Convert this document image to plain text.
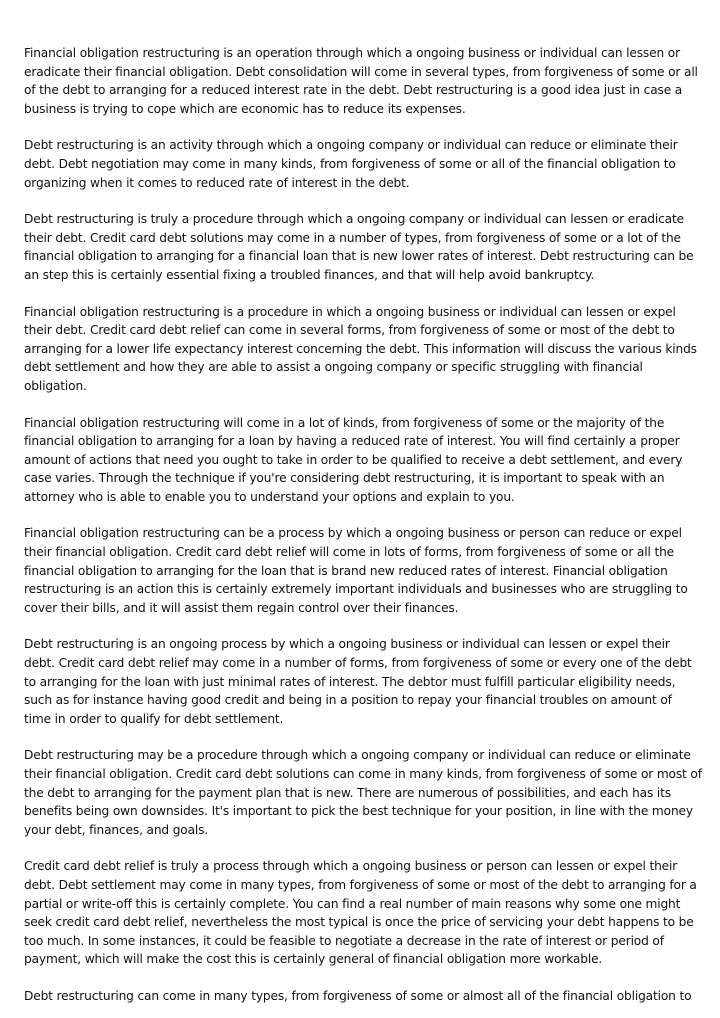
Financial obligation restructuring is an operation through which a ongoing business or individual can lessen or eradicate their financial obligation. Debt consolidation will come in several types, from forgiveness of some or all of the debt to arranging for a reduced interest rate in the debt. Debt restructuring is a good idea just in case a business is trying to cope which are economic has to reduce its expenses.

Debt restructuring is an activity through which a ongoing company or individual can reduce or eliminate their debt. Debt negotiation may come in many kinds, from forgiveness of some or all of the financial obligation to organizing when it comes to reduced rate of interest in the debt.

Debt restructuring is truly a procedure through which a ongoing company or individual can lessen or eradicate their debt. Credit card debt solutions may come in a number of types, from forgiveness of some or a lot of the financial obligation to arranging for a financial loan that is new lower rates of interest. Debt restructuring can be an step this is certainly essential fixing a troubled finances, and that will help avoid bankruptcy.

Financial obligation restructuring is a procedure in which a ongoing business or individual can lessen or expel their debt. Credit card debt relief can come in several forms, from forgiveness of some or most of the debt to arranging for a lower life expectancy interest concerning the debt. This information will discuss the various kinds debt settlement and how they are able to assist a ongoing company or specific struggling with financial obligation.

Financial obligation restructuring will come in a lot of kinds, from forgiveness of some or the majority of the financial obligation to arranging for a loan by having a reduced rate of interest. You will find certainly a proper amount of actions that need you ought to take in order to be qualified to receive a debt settlement, and every case varies. Through the technique if you're considering debt restructuring, it is important to speak with an attorney who is able to enable you to understand your options and explain to you.

Financial obligation restructuring can be a process by which a ongoing business or person can reduce or expel their financial obligation. Credit card debt relief will come in lots of forms, from forgiveness of some or all the financial obligation to arranging for the loan that is brand new reduced rates of interest. Financial obligation restructuring is an action this is certainly extremely important individuals and businesses who are struggling to cover their bills, and it will assist them regain control over their finances.

Debt restructuring is an ongoing process by which a ongoing business or individual can lessen or expel their debt. Credit card debt relief may come in a number of forms, from forgiveness of some or every one of the debt to arranging for the loan with just minimal rates of interest. The debtor must fulfill particular eligibility needs, such as for instance having good credit and being in a position to repay your financial troubles on amount of time in order to qualify for debt settlement.

Debt restructuring may be a procedure through which a ongoing company or individual can reduce or eliminate their financial obligation. Credit card debt solutions can come in many kinds, from forgiveness of some or most of the debt to arranging for the payment plan that is new. There are numerous of possibilities, and each has its benefits being own downsides. It's important to pick the best technique for your position, in line with the money your debt, finances, and goals.

Credit card debt relief is truly a process through which a ongoing business or person can lessen or expel their debt. Debt settlement may come in many types, from forgiveness of some or most of the debt to arranging for a partial or write-off this is certainly complete. You can find a real number of main reasons why some one might seek credit card debt relief, nevertheless the most typical is once the price of servicing your debt happens to be too much. In some instances, it could be feasible to negotiate a decrease in the rate of interest or period of payment, which will make the cost this is certainly general of financial obligation more workable.

Debt restructuring can come in many types, from forgiveness of some or almost all of the financial obligation to
